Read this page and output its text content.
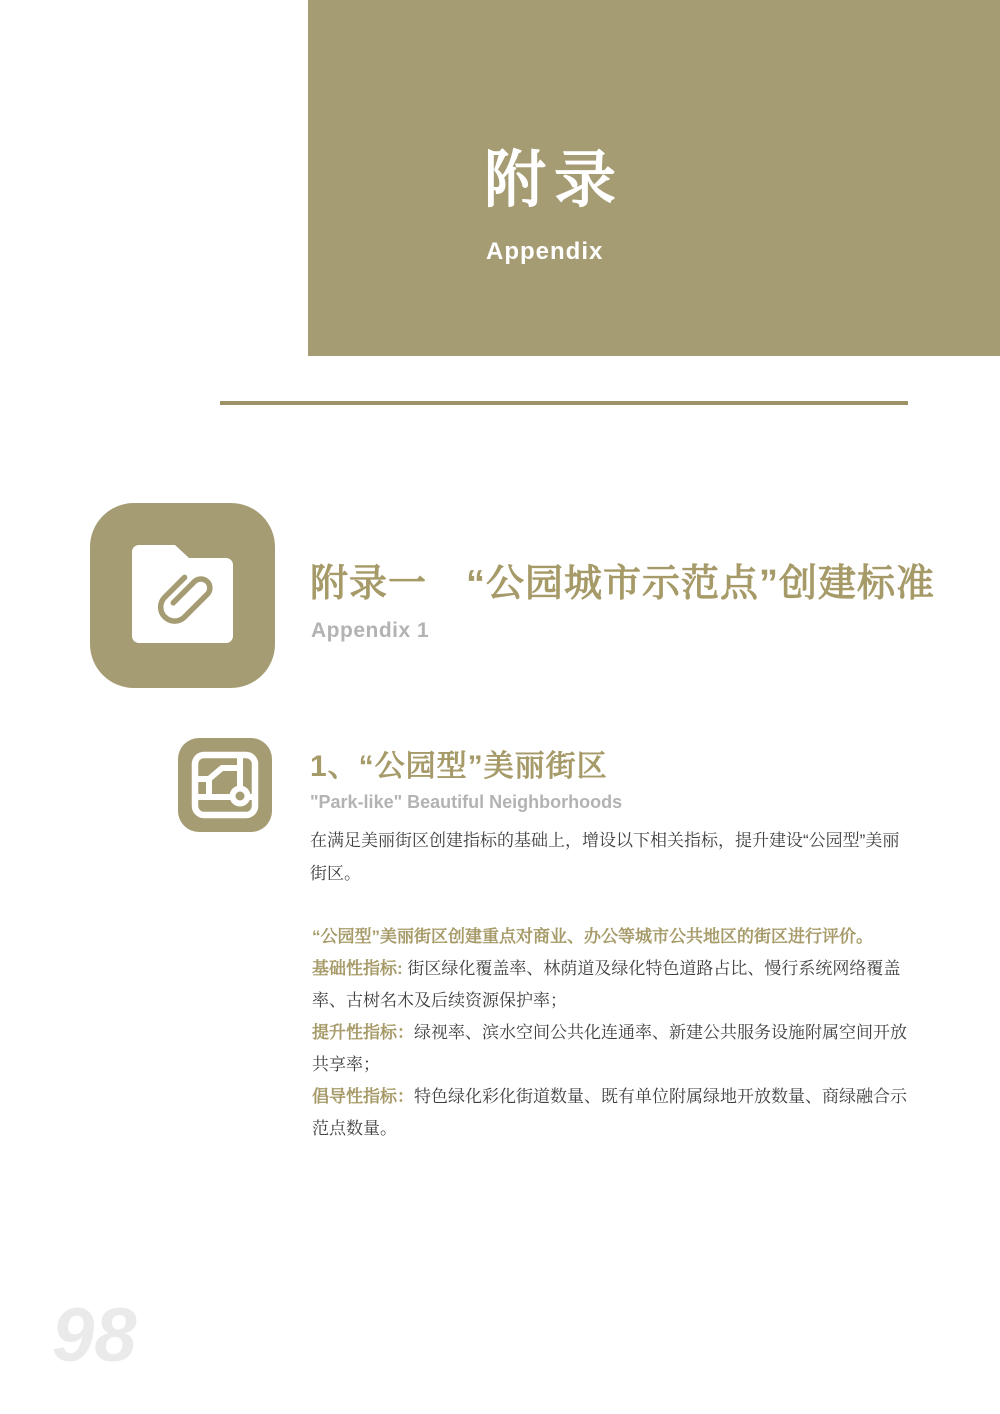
附录
Appendix
附录一　“公园城市示范点”创建标准
Appendix 1
1、“公园型”美丽街区
"Park-like" Beautiful Neighborhoods

在满足美丽街区创建指标的基础上，增设以下相关指标，提升建设“公园型”美丽街区。

“公园型”美丽街区创建重点对商业、办公等城市公共地区的街区进行评价。

基础性指标: 街区绿化覆盖率、林荫道及绿化特色道路占比、慢行系统网络覆盖率、古树名木及后续资源保护率；

提升性指标：绿视率、滨水空间公共化连通率、新建公共服务设施附属空间开放共享率；

倡导性指标：特色绿化彩化街道数量、既有单位附属绿地开放数量、商绿融合示范点数量。

98
